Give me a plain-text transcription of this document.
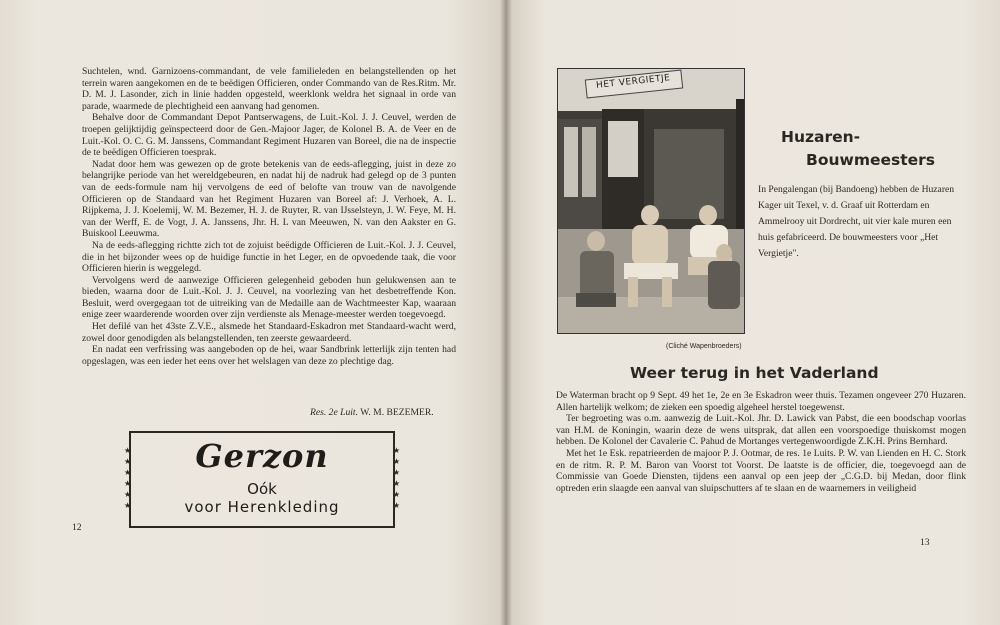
Suchtelen, wnd. Garnizoens-commandant, de vele familieleden en belangstellenden op het terrein waren aangekomen en de te beëdigen Officieren, onder Commando van de Res.Ritm. Mr. D. M. J. Lasonder, zich in linie hadden opgesteld, weerklonk weldra het signaal in orde van parade, waarmede de plechtigheid een aanvang had genomen.

Behalve door de Commandant Depot Pantserwagens, de Luit.-Kol. J. J. Ceuvel, werden de troepen gelijktijdig geïnspecteerd door de Gen.-Majoor Jager, de Kolonel B. A. de Veer en de Luit.-Kol. O. C. G. M. Janssens, Commandant Regiment Huzaren van Boreel, die na de inspectie de te beëdigen Officieren toesprak.

Nadat door hem was gewezen op de grote betekenis van de eeds-aflegging, juist in deze zo belangrijke periode van het wereldgebeuren, en nadat hij de nadruk had gelegd op de 3 punten van de eeds-formule nam hij vervolgens de eed of belofte van trouw van de navolgende Officieren op de Standaard van het Regiment Huzaren van Boreel af: J. Verhoek, A. L. Rijpkema, J. J. Koelemij, W. M. Bezemer, H. J. de Ruyter, R. van IJsselsteyn, J. W. Feye, M. H. van der Werff, E. de Vogt, J. A. Janssens, Jhr. H. L van Meeuwen, N. van den Aakster en G. Buiskool Leeuwma.

Na de eeds-aflegging richtte zich tot de zojuist beëdigde Officieren de Luit.-Kol. J. J. Ceuvel, die in het bijzonder wees op de huidige functie in het Leger, en de opvoedende taak, die voor Officieren hierin is weggelegd.

Vervolgens werd de aanwezige Officieren gelegenheid geboden hun gelukwensen aan te bieden, waarna door de Luit.-Kol. J. J. Ceuvel, na voorlezing van het desbetreffende Kon. Besluit, werd overgegaan tot de uitreiking van de Medaille aan de Wachtmeester Kap, waaraan enige zeer waarderende woorden over zijn verdienste als Menage-meester werden toegevoegd.

Het defilé van het 43ste Z.V.E., alsmede het Standaard-Eskadron met Standaard-wacht werd, zowel door genodigden als belangstellenden, ten zeerste gewaardeerd.

En nadat een verfrissing was aangeboden op de hei, waar Sandbrink letterlijk zijn tenten had opgeslagen, was een ieder het eens over het welslagen van deze zo plechtige dag.

Res. 2e Luit. W. M. BEZEMER.
★
★
★
★
★
★
★
★
★
★
★
★
Gerzon
Oók
voor Herenkleding
12
HET VERGIETJE
(Cliché Wapenbroeders)
Huzaren-
Bouwmeesters
In Pengalengan (bij Bandoeng) hebben de Huzaren Kager uit Texel, v. d. Graaf uit Rotterdam en Ammelrooy uit Dordrecht, uit vier kale muren een huis gefabriceerd. De bouwmeesters voor „Het Vergietje".
Weer terug in het Vaderland

De Waterman bracht op 9 Sept. 49 het 1e, 2e en 3e Eskadron weer thuis. Tezamen ongeveer 270 Huzaren. Allen hartelijk welkom; de zieken een spoedig algeheel herstel toegewenst.

Ter begroeting was o.m. aanwezig de Luit.-Kol. Jhr. D. Lawick van Pabst, die een boodschap voorlas van H.M. de Koningin, waarin deze de wens uitsprak, dat allen een voorspoedige thuiskomst mogen hebben. De Kolonel der Cavalerie C. Pahud de Mortanges vertegenwoordigde Z.K.H. Prins Bernhard.

Met het 1e Esk. repatrieerden de majoor P. J. Ootmar, de res. 1e Luits. P. W. van Lienden en H. C. Stork en de ritm. R. P. M. Baron van Voorst tot Voorst. De laatste is de officier, die, toegevoegd aan de Commissie van Goede Diensten, tijdens een aanval op een jeep der „C.G.D. bij Medan, door flink optreden erin slaagde een aanval van sluipschutters af te slaan en de waarnemers in veiligheid

13
